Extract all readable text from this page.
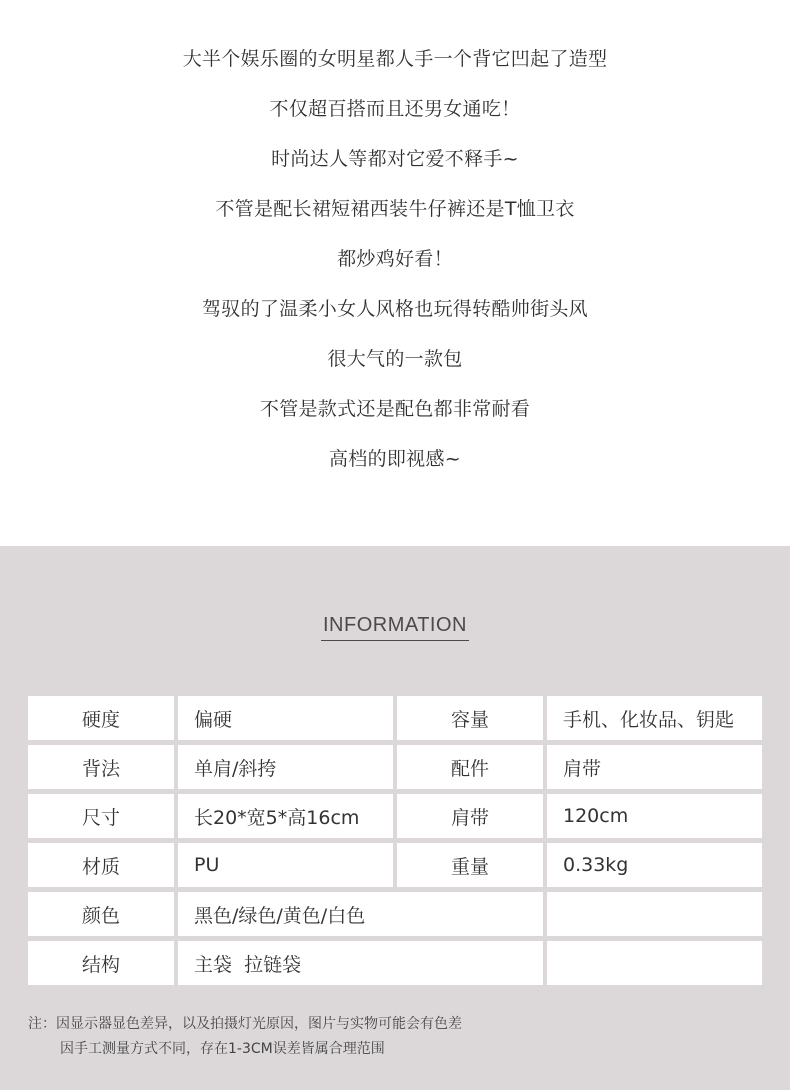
大半个娱乐圈的女明星都人手一个背它凹起了造型
不仅超百搭而且还男女通吃！
时尚达人等都对它爱不释手~
不管是配长裙短裙西装牛仔裤还是T恤卫衣
都炒鸡好看！
驾驭的了温柔小女人风格也玩得转酷帅街头风
很大气的一款包
不管是款式还是配色都非常耐看
高档的即视感~
INFORMATION
硬度	偏硬	容量	手机、化妆品、钥匙
背法	单肩/斜挎	配件	肩带
尺寸	长20*宽5*高16cm	肩带	120cm
材质	PU	重量	0.33kg
颜色	黑色/绿色/黄色/白色
结构	主袋  拉链袋
注：因显示器显色差异，以及拍摄灯光原因，图片与实物可能会有色差
因手工测量方式不同，存在1-3CM误差皆属合理范围
